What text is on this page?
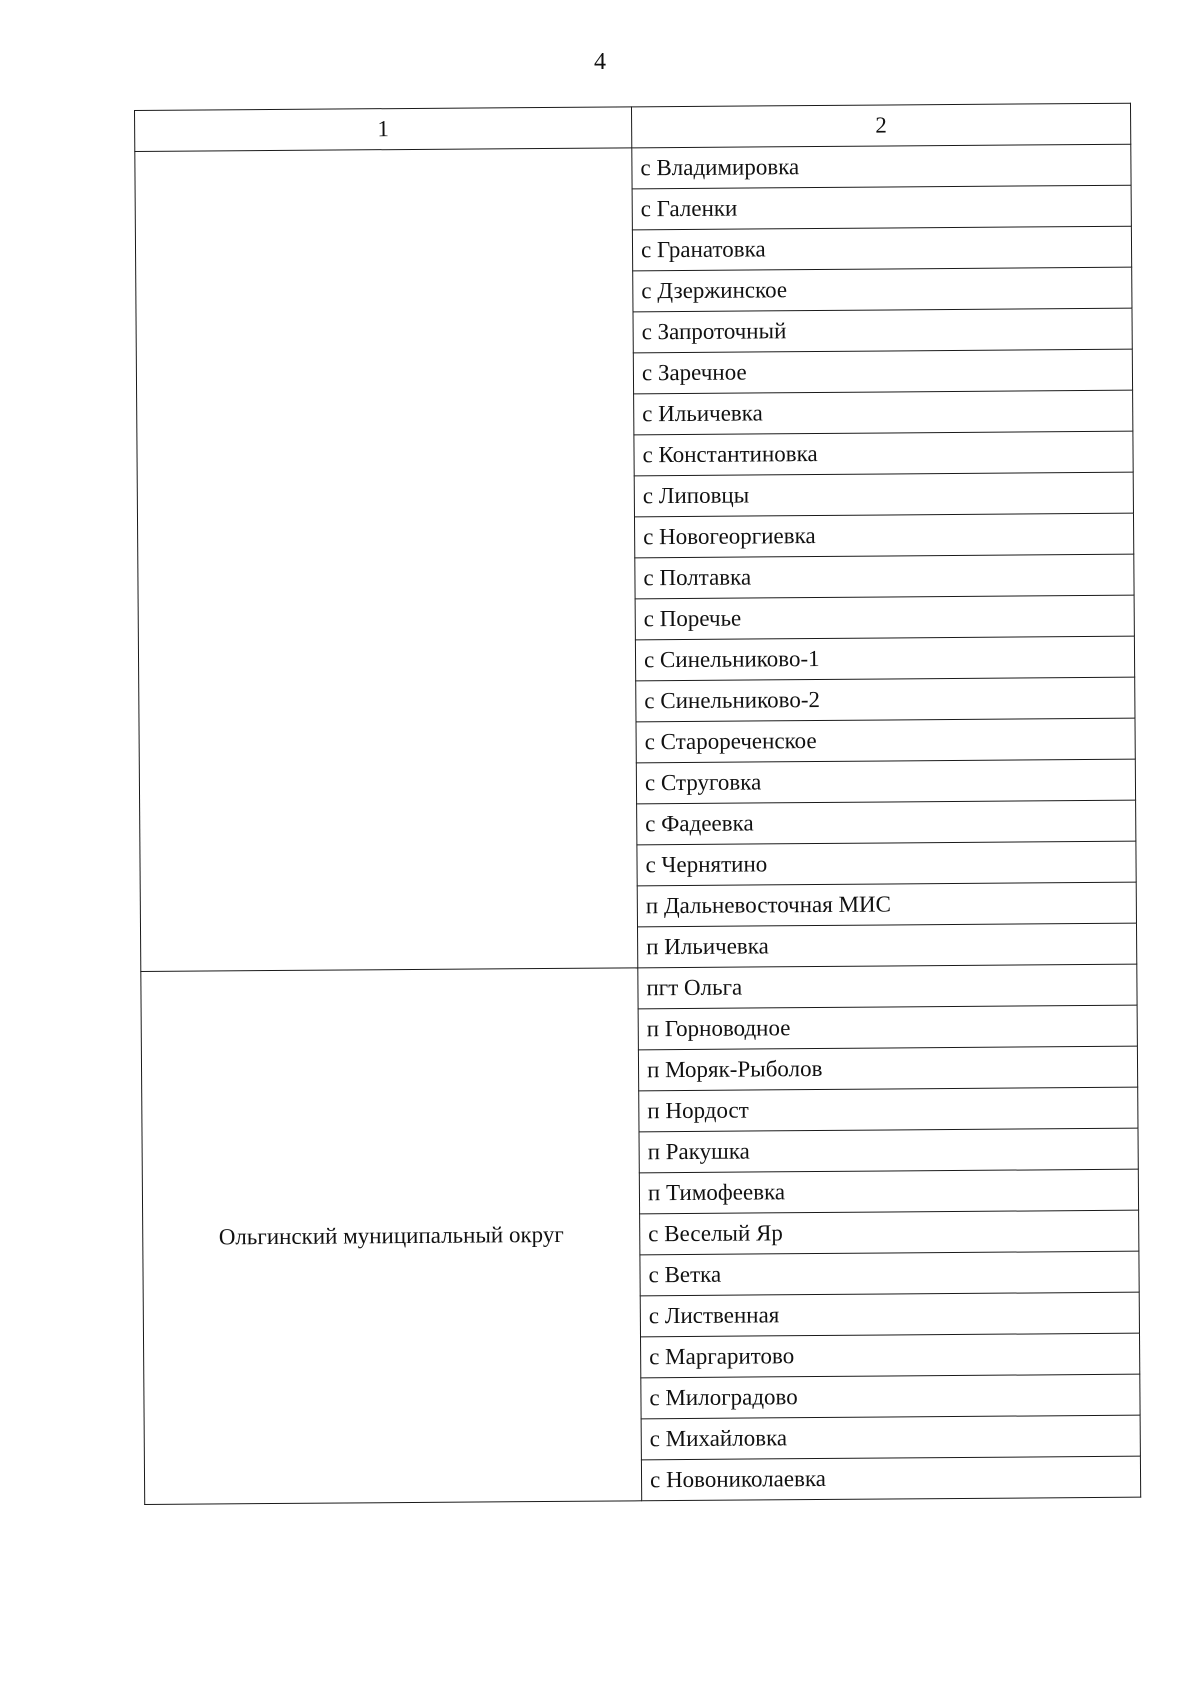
4
1	2
	с Владимировка
	с Галенки
	с Гранатовка
	с Дзержинское
	с Запроточный
	с Заречное
	с Ильичевка
	с Константиновка
	с Липовцы
	с Новогеоргиевка
	с Полтавка
	с Поречье
	с Синельниково-1
	с Синельниково-2
	с Старореченское
	с Струговка
	с Фадеевка
	с Чернятино
	п Дальневосточная МИС
	п Ильичевка
Ольгинский муниципальный округ	пгт Ольга
	п Горноводное
	п Моряк-Рыболов
	п Нордост
	п Ракушка
	п Тимофеевка
	с Веселый Яр
	с Ветка
	с Лиственная
	с Маргаритово
	с Милоградово
	с Михайловка
	с Новониколаевка
